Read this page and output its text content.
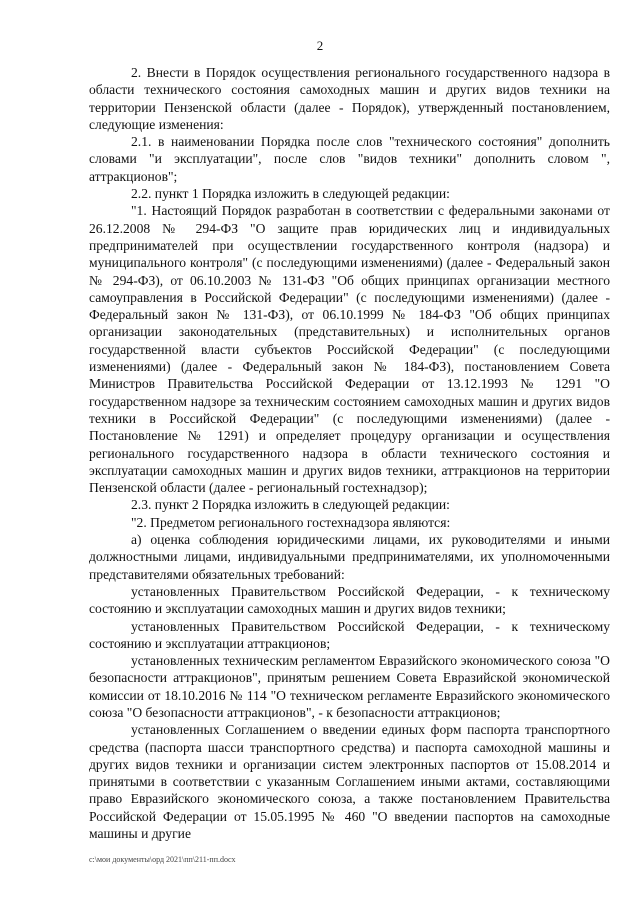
2

2. Внести в Порядок осуществления регионального государственного надзора в области технического состояния самоходных машин и других видов техники на территории Пензенской области (далее - Порядок), утвержденный постановлением, следующие изменения:

2.1. в наименовании Порядка после слов "технического состояния" дополнить словами "и эксплуатации", после слов "видов техники" дополнить словом ", аттракционов";

2.2. пункт 1 Порядка изложить в следующей редакции:

"1. Настоящий Порядок разработан в соответствии с федеральными законами от 26.12.2008 № 294-ФЗ "О защите прав юридических лиц и индивидуальных предпринимателей при осуществлении государственного контроля (надзора) и муниципального контроля" (с последующими изменениями) (далее - Федеральный закон № 294-ФЗ), от 06.10.2003 № 131-ФЗ "Об общих принципах организации местного самоуправления в Российской Федерации" (с последующими изменениями) (далее - Федеральный закон № 131-ФЗ), от 06.10.1999 № 184-ФЗ "Об общих принципах организации законодательных (представительных) и исполнительных органов государственной власти субъектов Российской Федерации" (с последующими изменениями) (далее - Федеральный закон № 184-ФЗ), постановлением Совета Министров Правительства Российской Федерации от 13.12.1993 № 1291 "О государственном надзоре за техническим состоянием самоходных машин и других видов техники в Российской Федерации" (с последующими изменениями) (далее - Постановление № 1291) и определяет процедуру организации и осуществления регионального государственного надзора в области технического состояния и эксплуатации самоходных машин и других видов техники, аттракционов на территории Пензенской области (далее - региональный гостехнадзор);

2.3. пункт 2 Порядка изложить в следующей редакции:

"2. Предметом регионального гостехнадзора являются:

а) оценка соблюдения юридическими лицами, их руководителями и иными должностными лицами, индивидуальными предпринимателями, их уполномоченными представителями обязательных требований:

установленных Правительством Российской Федерации, - к техническому состоянию и эксплуатации самоходных машин и других видов техники;

установленных Правительством Российской Федерации, - к техническому состоянию и эксплуатации аттракционов;

установленных техническим регламентом Евразийского экономического союза "О безопасности аттракционов", принятым решением Совета Евразийской экономической комиссии от 18.10.2016 № 114 "О техническом регламенте Евразийского экономического союза "О безопасности аттракционов", - к безопасности аттракционов;

установленных Соглашением о введении единых форм паспорта транспортного средства (паспорта шасси транспортного средства) и паспорта самоходной машины и других видов техники и организации систем электронных паспортов от 15.08.2014 и принятыми в соответствии с указанным Соглашением иными актами, составляющими право Евразийского экономического союза, а также постановлением Правительства Российской Федерации от 15.05.1995 № 460 "О введении паспортов на самоходные машины и другие

c:\мои документы\орд 2021\пп\211-пп.docx
